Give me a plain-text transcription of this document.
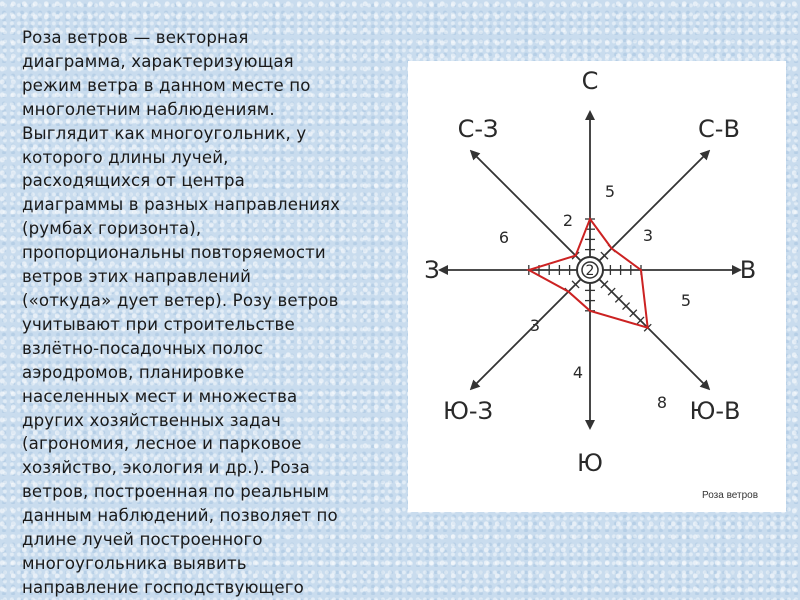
Роза ветров — векторная
диаграмма, характеризующая
режим ветра в данном месте по
многолетним наблюдениям.
Выглядит как многоугольник, у
которого длины лучей,
расходящихся от центра
диаграммы в разных направлениях
(румбах горизонта),
пропорциональны повторяемости
ветров этих направлений
(«откуда» дует ветер). Розу ветров
учитывают при строительстве
взлётно-посадочных полос
аэродромов, планировке
населенных мест и множества
других хозяйственных задач
(агрономия, лесное и парковое
хозяйство, экология и др.). Роза
ветров, построенная по реальным
данным наблюдений, позволяет по
длине лучей построенного
многоугольника выявить
направление господствующего

2
С
5
С-В
3
В
5
Ю-В
8
Ю
4
Ю-З
3
З
6
С-З
2
Роза ветров
